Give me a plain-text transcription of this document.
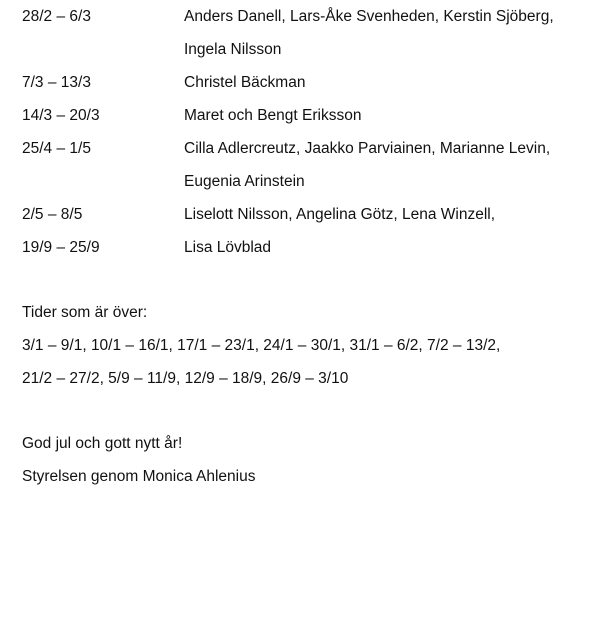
28/2 – 6/3	Anders Danell, Lars-Åke Svenheden, Kerstin Sjöberg,
Ingela Nilsson
7/3 – 13/3	Christel Bäckman
14/3 – 20/3	Maret och Bengt Eriksson
25/4 – 1/5	Cilla Adlercreutz, Jaakko Parviainen, Marianne Levin,
Eugenia Arinstein
2/5 – 8/5	Liselott Nilsson, Angelina Götz, Lena Winzell,
19/9 – 25/9	Lisa Lövblad
Tider som är över:
3/1 – 9/1, 10/1 – 16/1, 17/1 – 23/1, 24/1 – 30/1, 31/1 – 6/2, 7/2 – 13/2,
21/2 – 27/2, 5/9 – 11/9, 12/9 – 18/9, 26/9 – 3/10
God jul och gott nytt år!
Styrelsen genom Monica Ahlenius
